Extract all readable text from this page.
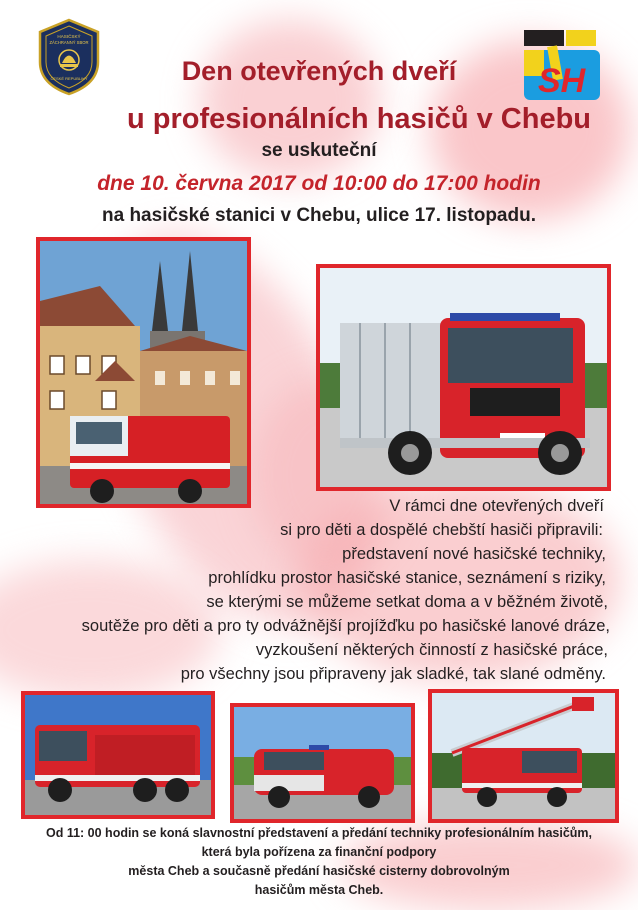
HASIČSKÝ
ZÁCHRANNÝ SBOR
ČESKÉ REPUBLIKY	SH
Den otevřených dveří
u profesionálních hasičů v Chebu
se uskuteční
dne 10. června 2017 od 10:00 do 17:00 hodin
na hasičské stanici v Chebu, ulice 17. listopadu.
V rámci dne otevřených dveří
si pro děti a dospělé chebští hasiči připravili:
představení nové hasičské techniky,
prohlídku prostor hasičské stanice, seznámení s riziky,
se kterými se můžeme setkat doma a v běžném životě,
soutěže pro děti a pro ty odvážnější projížďku po hasičské lanové dráze,
vyzkoušení některých činností z hasičské práce,
pro všechny jsou připraveny jak sladké, tak slané odměny.
Od 11: 00 hodin se koná slavnostní představení a předání techniky profesionálním hasičům,
která byla pořízena za finanční podpory
města Cheb a současně předání hasičské cisterny dobrovolným
hasičům města Cheb.
